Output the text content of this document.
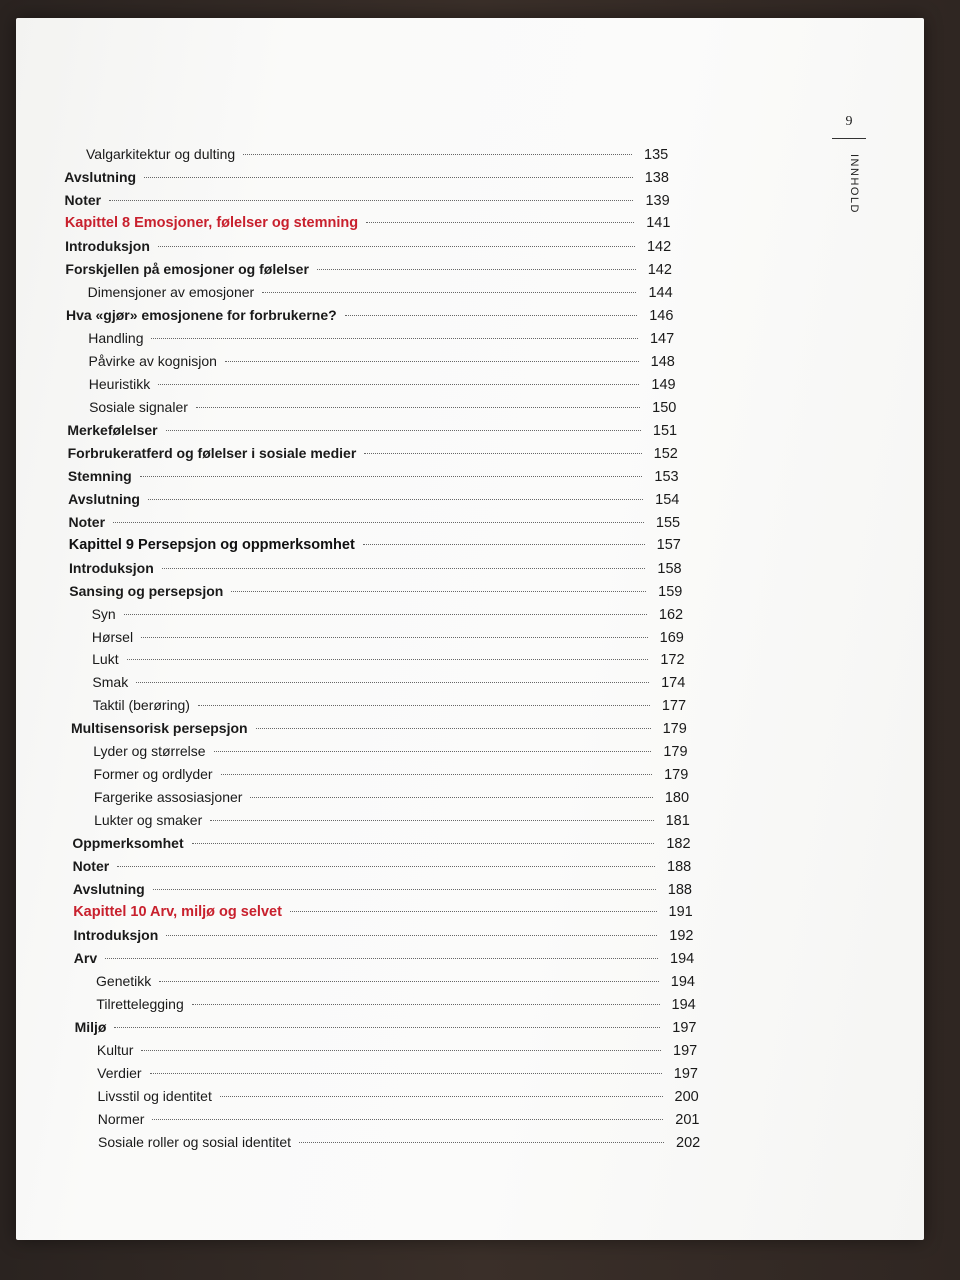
9
INNHOLD
Valgarkitektur og dulting	135
Avslutning	138
Noter	139
Kapittel 8 Emosjoner, følelser og stemning	141
Introduksjon	142
Forskjellen på emosjoner og følelser	142
Dimensjoner av emosjoner	144
Hva «gjør» emosjonene for forbrukerne?	146
Handling	147
Påvirke av kognisjon	148
Heuristikk	149
Sosiale signaler	150
Merkefølelser	151
Forbrukeratferd og følelser i sosiale medier	152
Stemning	153
Avslutning	154
Noter	155
Kapittel 9 Persepsjon og oppmerksomhet	157
Introduksjon	158
Sansing og persepsjon	159
Syn	162
Hørsel	169
Lukt	172
Smak	174
Taktil (berøring)	177
Multisensorisk persepsjon	179
Lyder og størrelse	179
Former og ordlyder	179
Fargerike assosiasjoner	180
Lukter og smaker	181
Oppmerksomhet	182
Noter	188
Avslutning	188
Kapittel 10 Arv, miljø og selvet	191
Introduksjon	192
Arv	194
Genetikk	194
Tilrettelegging	194
Miljø	197
Kultur	197
Verdier	197
Livsstil og identitet	200
Normer	201
Sosiale roller og sosial identitet	202
